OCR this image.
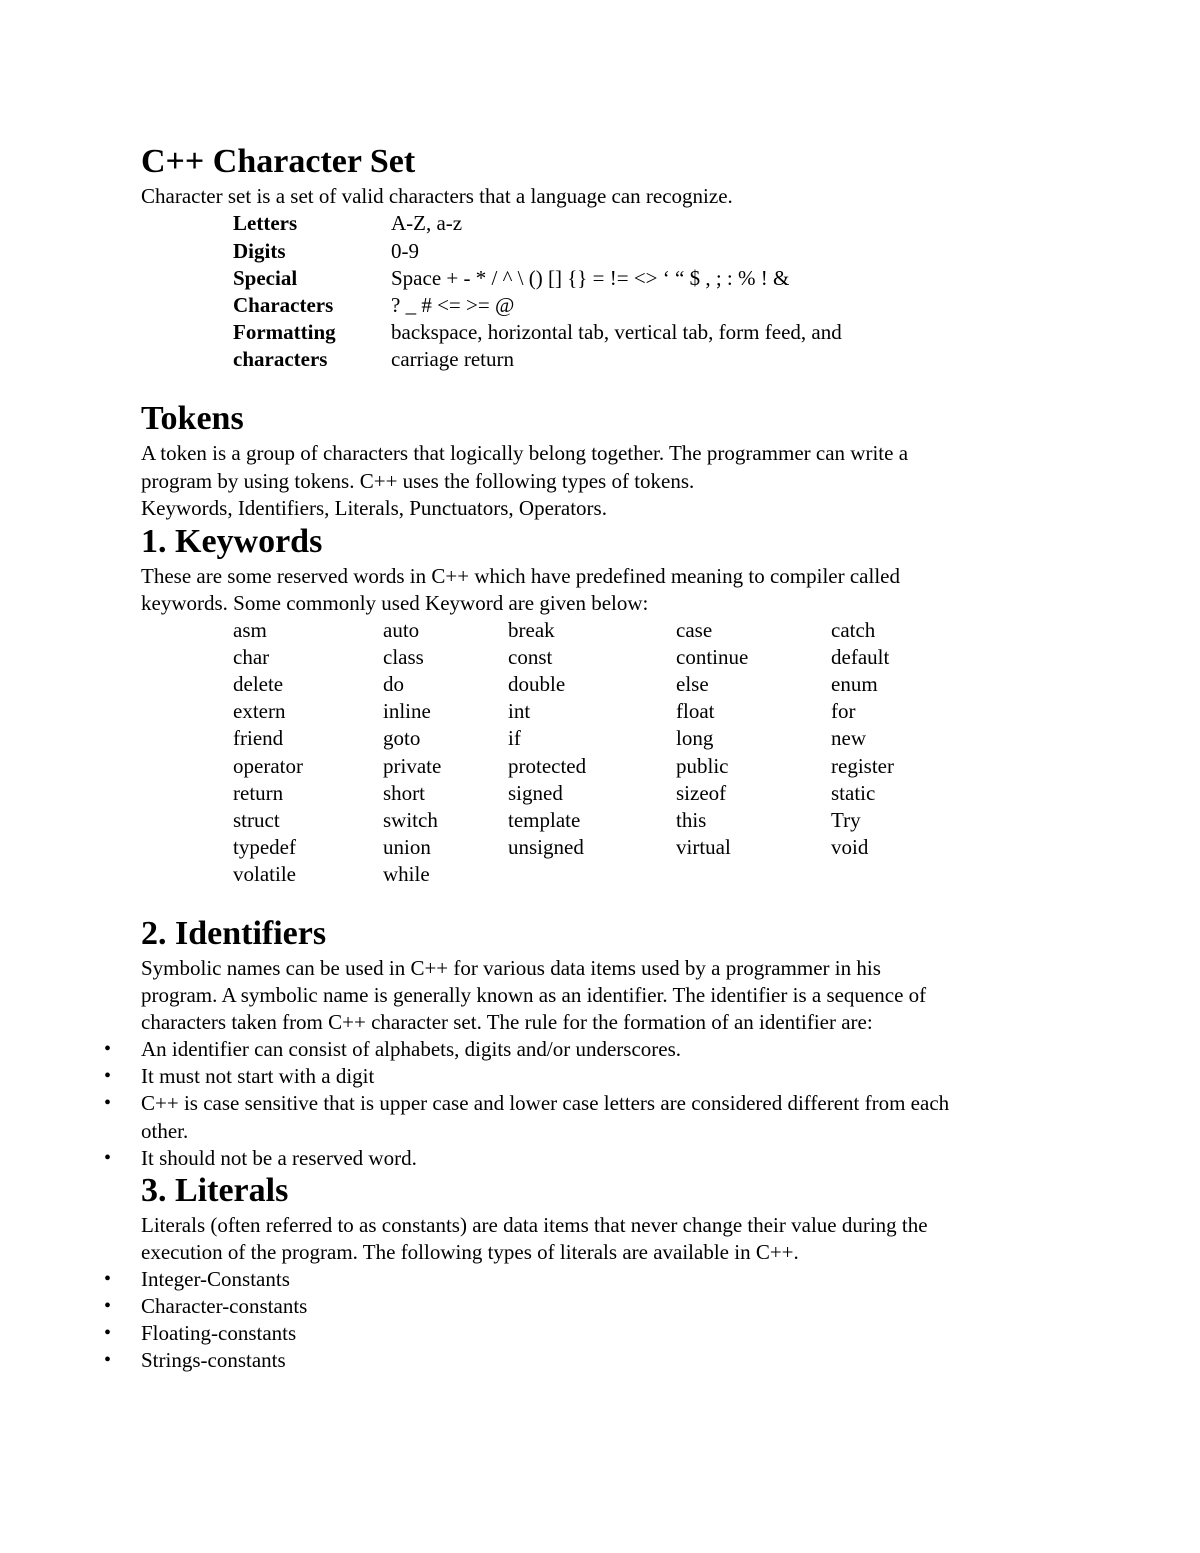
C++ Character Set
Character set is a set of valid characters that a language can recognize.
Letters	A-Z, a-z
Digits	0-9
Special	Space + - * / ^ \ () [] {} = != <> ‘ “ $ , ; : % ! &
Characters	? _ # <= >= @
Formatting	backspace, horizontal tab, vertical tab, form feed, and
characters	carriage return
Tokens
A token is a group of characters that logically belong together. The programmer can write a
program by using tokens. C++ uses the following types of tokens.
Keywords, Identifiers, Literals, Punctuators, Operators.
1. Keywords
These are some reserved words in C++ which have predefined meaning to compiler called
keywords. Some commonly used Keyword are given below:
asm	auto	break	case	catch
char	class	const	continue	default
delete	do	double	else	enum
extern	inline	int	float	for
friend	goto	if	long	new
operator	private	protected	public	register
return	short	signed	sizeof	static
struct	switch	template	this	Try
typedef	union	unsigned	virtual	void
volatile	while
2. Identifiers
Symbolic names can be used in C++ for various data items used by a programmer in his
program. A symbolic name is generally known as an identifier. The identifier is a sequence of
characters taken from C++ character set. The rule for the formation of an identifier are:
• An identifier can consist of alphabets, digits and/or underscores.
• It must not start with a digit
• C++ is case sensitive that is upper case and lower case letters are considered different from each
other.
• It should not be a reserved word.
3. Literals
Literals (often referred to as constants) are data items that never change their value during the
execution of the program. The following types of literals are available in C++.
• Integer-Constants
• Character-constants
• Floating-constants
• Strings-constants
